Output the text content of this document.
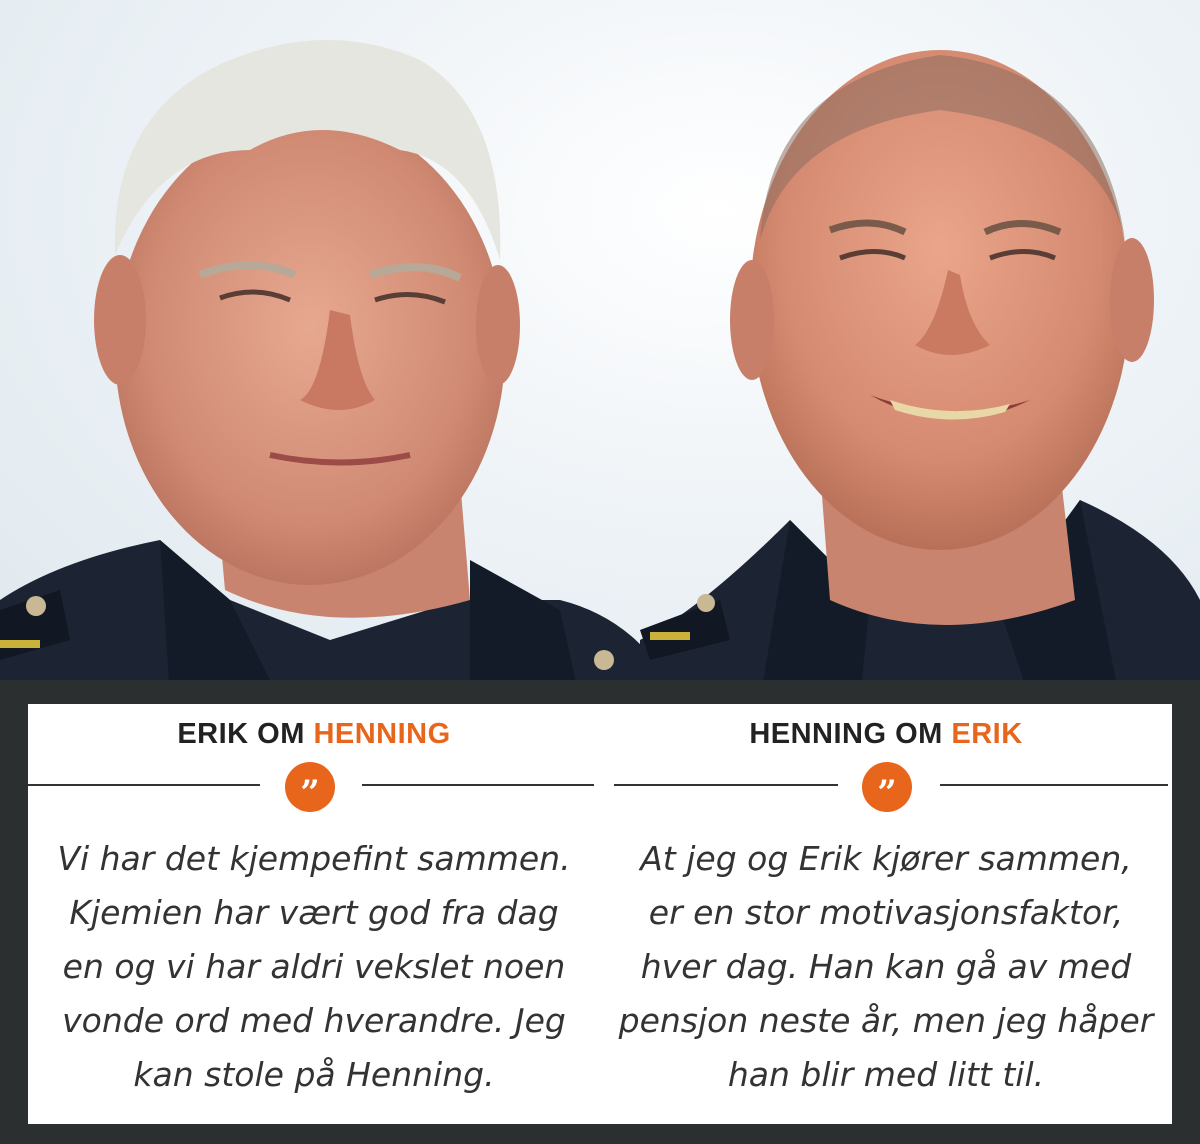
ERIK OM HENNING
”
Vi har det kjempefint sammen.
Kjemien har vært god fra dag
en og vi har aldri vekslet noen
vonde ord med hverandre. Jeg
kan stole på Henning.
HENNING OM ERIK
”
At jeg og Erik kjører sammen,
er en stor motivasjonsfaktor,
hver dag. Han kan gå av med
pensjon neste år, men jeg håper
han blir med litt til.
